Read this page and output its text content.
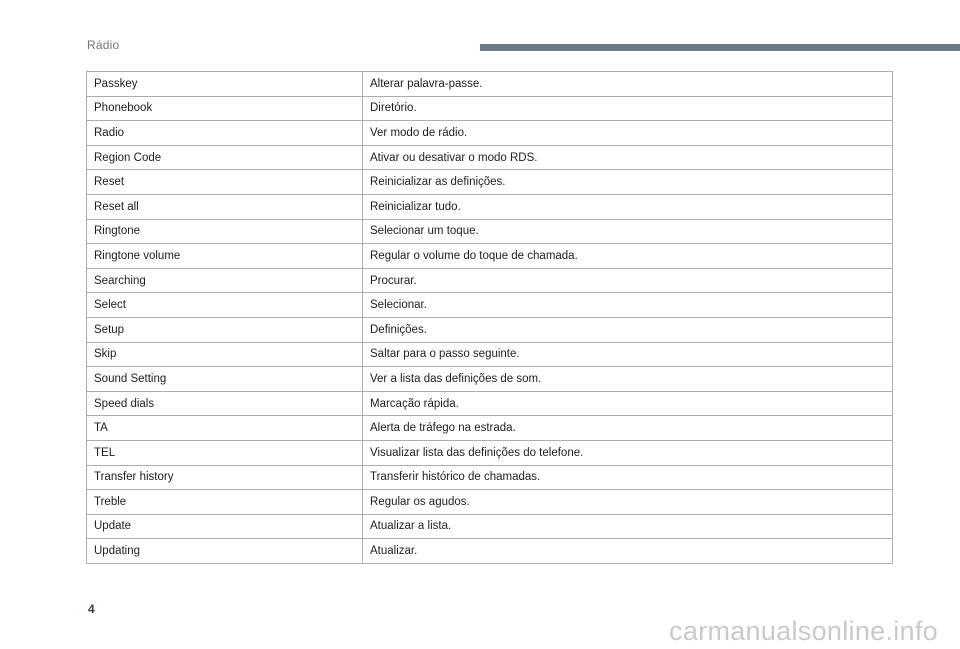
Rádio
Passkey	Alterar palavra-passe.
Phonebook	Diretório.
Radio	Ver modo de rádio.
Region Code	Ativar ou desativar o modo RDS.
Reset	Reinicializar as definições.
Reset all	Reinicializar tudo.
Ringtone	Selecionar um toque.
Ringtone volume	Regular o volume do toque de chamada.
Searching	Procurar.
Select	Selecionar.
Setup	Definições.
Skip	Saltar para o passo seguinte.
Sound Setting	Ver a lista das definições de som.
Speed dials	Marcação rápida.
TA	Alerta de tráfego na estrada.
TEL	Visualizar lista das definições do telefone.
Transfer history	Transferir histórico de chamadas.
Treble	Regular os agudos.
Update	Atualizar a lista.
Updating	Atualizar.
4
carmanualsonline.info
